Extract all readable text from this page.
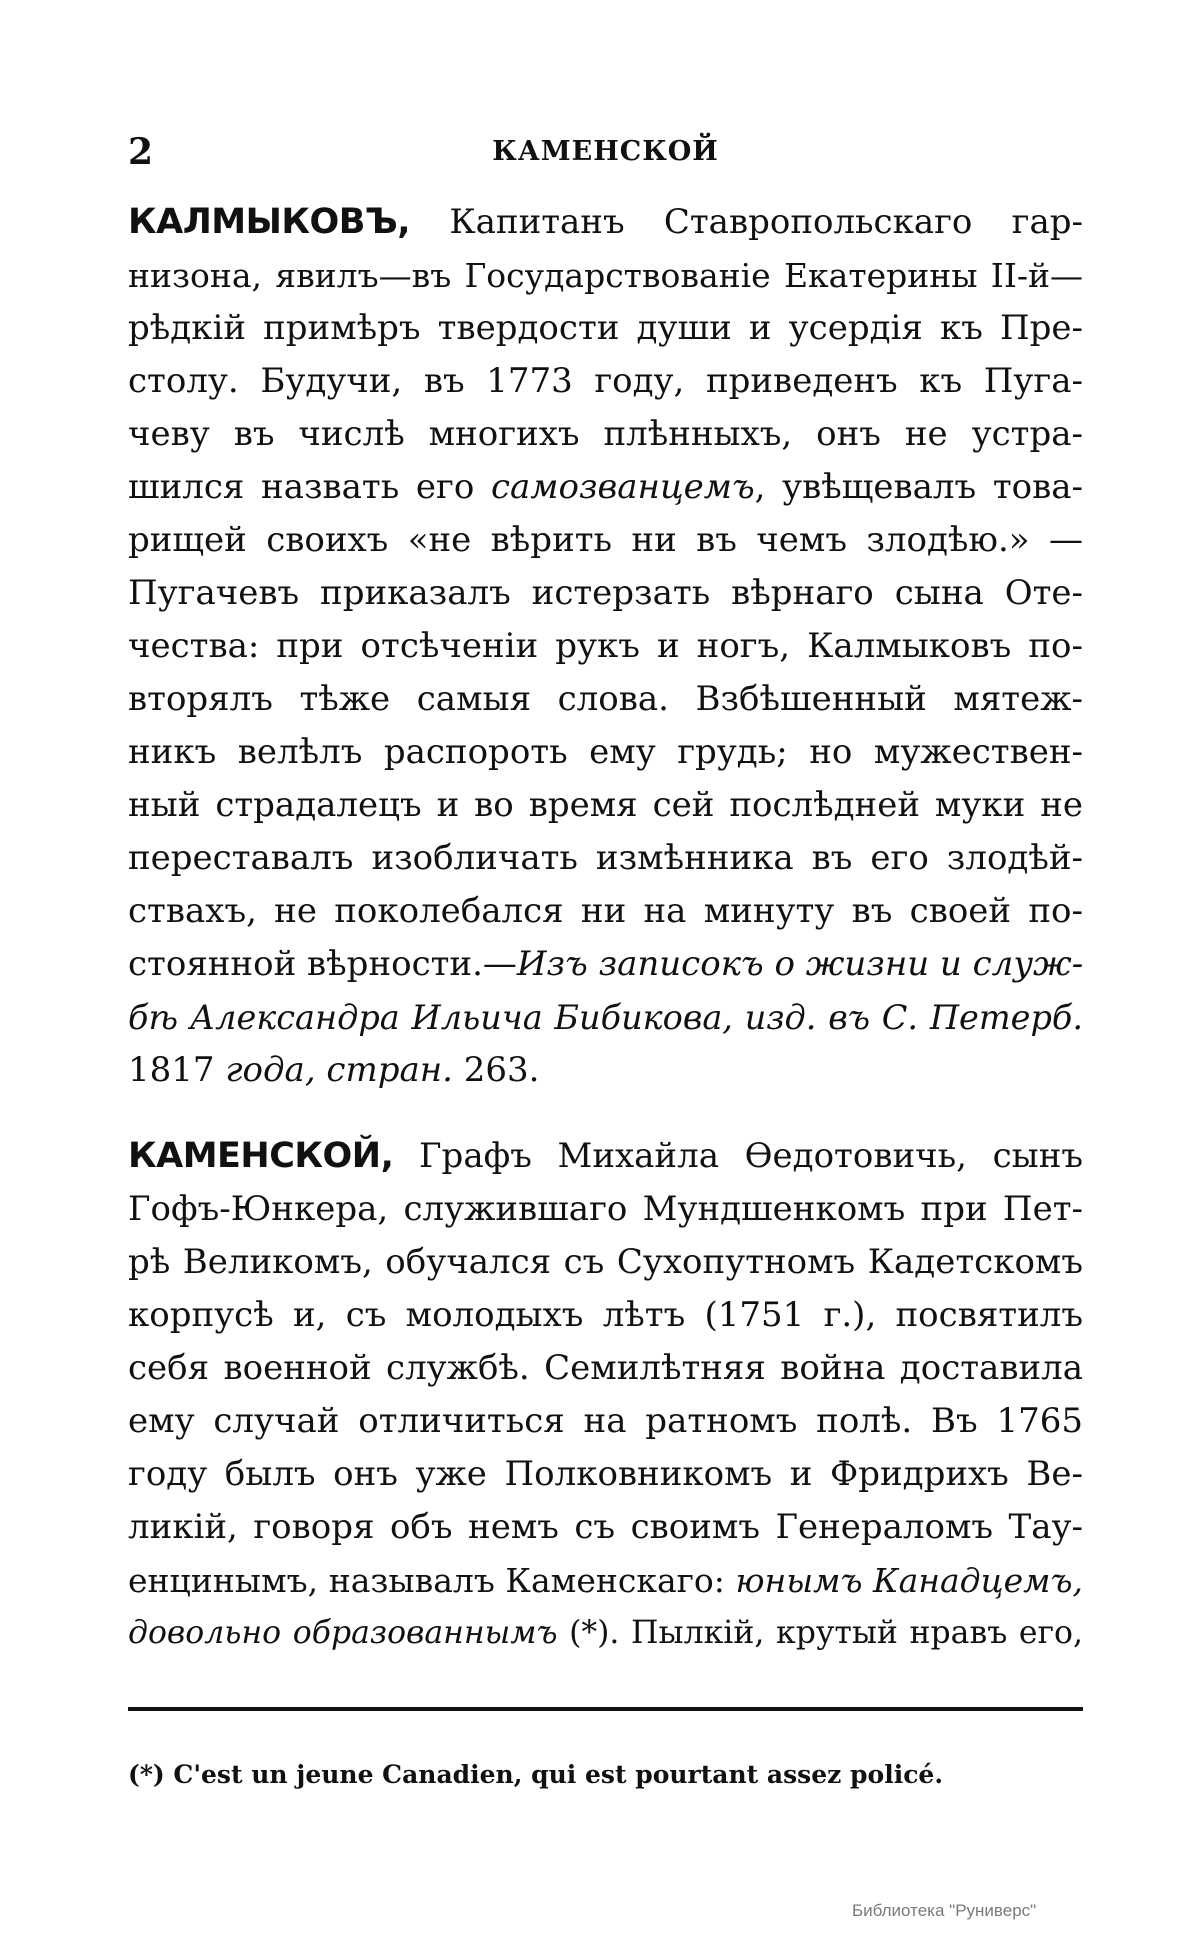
2	КАМЕНСКОЙ
КАЛМЫКОВЪ, Капитанъ Ставропольскаго гар-
низона, явилъ—въ Государствованіе Екатерины II-й—
рѣдкій примѣръ твердости души и усердія къ Пре-
столу. Будучи, въ 1773 году, приведенъ къ Пуга-
чеву въ числѣ многихъ плѣнныхъ, онъ не устра-
шился назвать его самозванцемъ, увѣщевалъ това-
рищей своихъ «не вѣрить ни въ чемъ злодѣю.» —
Пугачевъ приказалъ истерзать вѣрнаго сына Оте-
чества: при отсѣченіи рукъ и ногъ, Калмыковъ по-
вторялъ тѣже самыя слова. Взбѣшенный мятеж-
никъ велѣлъ распороть ему грудь; но мужествен-
ный страдалецъ и во время сей послѣдней муки не
переставалъ изобличать измѣнника въ его злодѣй-
ствахъ, не поколебался ни на минуту въ своей по-
стоянной вѣрности.—Изъ записокъ о жизни и служ-
бѣ Александра Ильича Бибикова, изд. въ С. Петерб.
1817 года, стран. 263.
КАМЕНСКОЙ, Графъ Михайла Ѳедотовичь, сынъ
Гофъ-Юнкера, служившаго Мундшенкомъ при Пет-
рѣ Великомъ, обучался съ Сухопутномъ Кадетскомъ
корпусѣ и, съ молодыхъ лѣтъ (1751 г.), посвятилъ
себя военной службѣ. Семилѣтняя война доставила
ему случай отличиться на ратномъ полѣ. Въ 1765
году былъ онъ уже Полковникомъ и Фридрихъ Ве-
ликій, говоря объ немъ съ своимъ Генераломъ Тау-
енцинымъ, называлъ Каменскаго: юнымъ Канадцемъ,
довольно образованнымъ (*). Пылкій, крутый нравъ его,
(*) C'est un jeune Canadien, qui est pourtant assez policé.
Библиотека "Руниверс"
